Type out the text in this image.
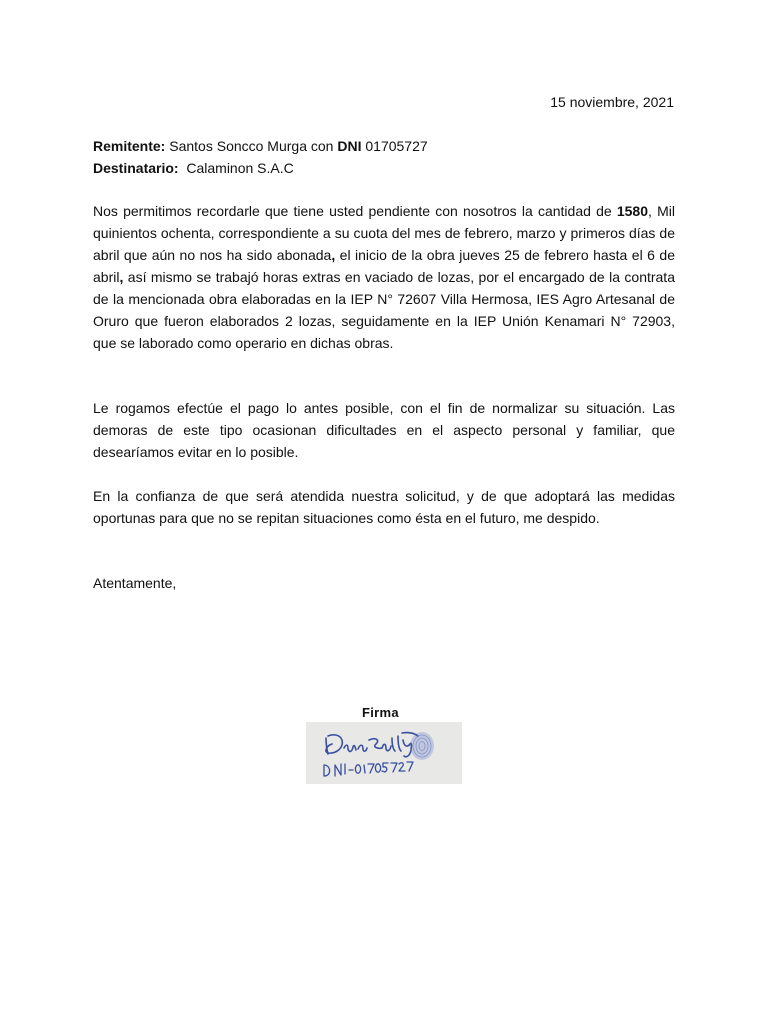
15 noviembre, 2021
Remitente: Santos Soncco Murga con DNI 01705727
Destinatario:  Calaminon S.A.C

Nos permitimos recordarle que tiene usted pendiente con nosotros la cantidad de 1580, Mil quinientos ochenta, correspondiente a su cuota del mes de febrero, marzo y primeros días de abril que aún no nos ha sido abonada, el inicio de la obra jueves 25 de febrero hasta el 6 de abril, así mismo se trabajó horas extras en vaciado de lozas, por el encargado de la contrata de la mencionada obra elaboradas en la IEP N° 72607 Villa Hermosa, IES Agro Artesanal de Oruro que fueron elaborados 2 lozas, seguidamente en la IEP Unión Kenamari N° 72903, que se laborado como operario en dichas obras.

Le rogamos efectúe el pago lo antes posible, con el fin de normalizar su situación. Las demoras de este tipo ocasionan dificultades en el aspecto personal y familiar, que desearíamos evitar en lo posible.

En la confianza de que será atendida nuestra solicitud, y de que adoptará las medidas oportunas para que no se repitan situaciones como ésta en el futuro, me despido.

Atentamente,
Firma
